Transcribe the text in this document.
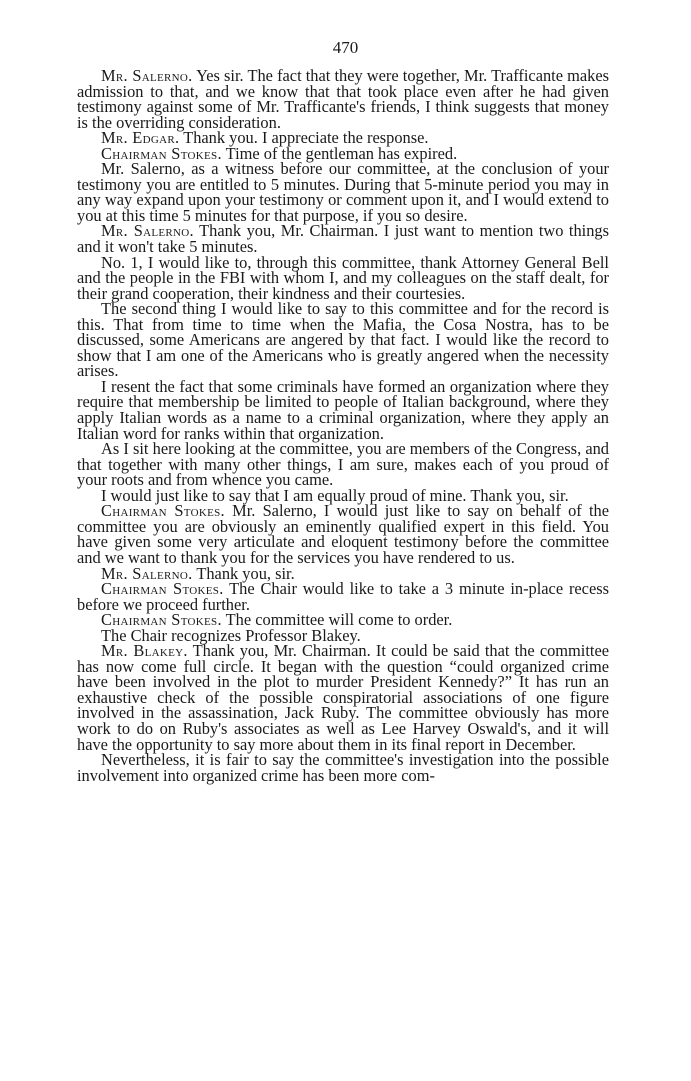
470

Mr. Salerno. Yes sir. The fact that they were together, Mr. Trafficante makes admission to that, and we know that that took place even after he had given testimony against some of Mr. Trafficante's friends, I think suggests that money is the overriding consideration.

Mr. Edgar. Thank you. I appreciate the response.

Chairman Stokes. Time of the gentleman has expired.

Mr. Salerno, as a witness before our committee, at the conclusion of your testimony you are entitled to 5 minutes. During that 5-minute period you may in any way expand upon your testimony or comment upon it, and I would extend to you at this time 5 minutes for that purpose, if you so desire.

Mr. Salerno. Thank you, Mr. Chairman. I just want to mention two things and it won't take 5 minutes.

No. 1, I would like to, through this committee, thank Attorney General Bell and the people in the FBI with whom I, and my colleagues on the staff dealt, for their grand cooperation, their kindness and their courtesies.

The second thing I would like to say to this committee and for the record is this. That from time to time when the Mafia, the Cosa Nostra, has to be discussed, some Americans are angered by that fact. I would like the record to show that I am one of the Americans who is greatly angered when the necessity arises.

I resent the fact that some criminals have formed an organization where they require that membership be limited to people of Italian background, where they apply Italian words as a name to a criminal organization, where they apply an Italian word for ranks within that organization.

As I sit here looking at the committee, you are members of the Congress, and that together with many other things, I am sure, makes each of you proud of your roots and from whence you came.

I would just like to say that I am equally proud of mine. Thank you, sir.

Chairman Stokes. Mr. Salerno, I would just like to say on behalf of the committee you are obviously an eminently qualified expert in this field. You have given some very articulate and eloquent testimony before the committee and we want to thank you for the services you have rendered to us.

Mr. Salerno. Thank you, sir.

Chairman Stokes. The Chair would like to take a 3 minute in-place recess before we proceed further.

Chairman Stokes. The committee will come to order.

The Chair recognizes Professor Blakey.

Mr. Blakey. Thank you, Mr. Chairman. It could be said that the committee has now come full circle. It began with the question “could organized crime have been involved in the plot to murder President Kennedy?” It has run an exhaustive check of the possible conspiratorial associations of one figure involved in the assassination, Jack Ruby. The committee obviously has more work to do on Ruby's associates as well as Lee Harvey Oswald's, and it will have the opportunity to say more about them in its final report in December.

Nevertheless, it is fair to say the committee's investigation into the possible involvement into organized crime has been more com-
